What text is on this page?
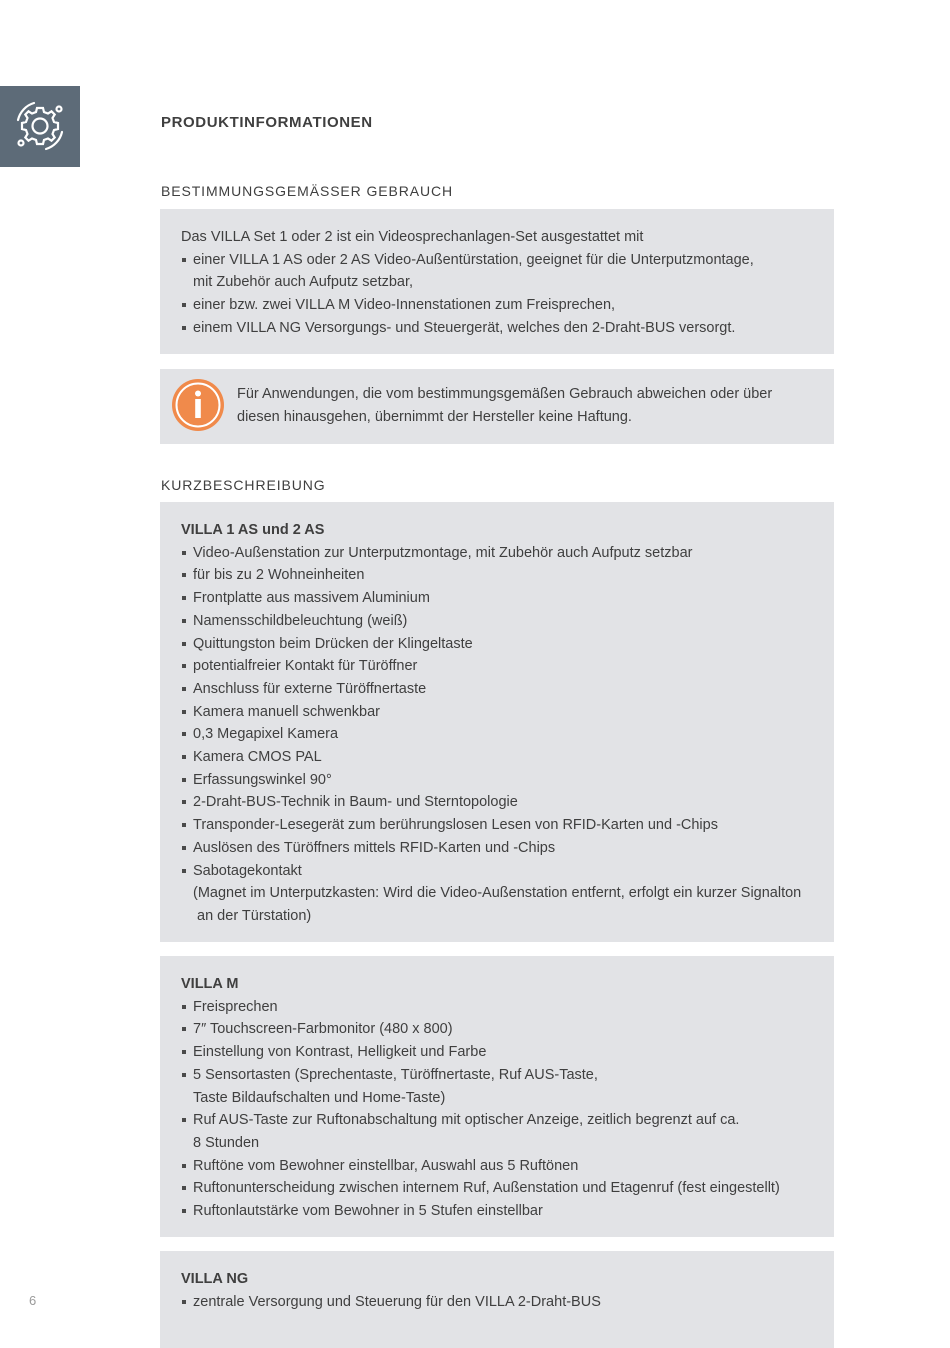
PRODUKTINFORMATIONEN
BESTIMMUNGSGEMÄSSER GEBRAUCH

Das VILLA Set 1 oder 2 ist ein Videosprechanlagen-Set ausgestattet mit

einer VILLA 1 AS oder 2 AS Video-Außentürstation, geeignet für die Unterputzmontage,
mit Zubehör auch Aufputz setzbar,
einer bzw. zwei VILLA M Video-Innenstationen zum Freisprechen,
einem VILLA NG Versorgungs- und Steuergerät, welches den 2-Draht-BUS versorgt.

Für Anwendungen, die vom bestimmungsgemäßen Gebrauch abweichen oder über
diesen hinausgehen, übernimmt der Hersteller keine Haftung.

KURZBESCHREIBUNG
VILLA 1 AS und 2 AS
Video-Außenstation zur Unterputzmontage, mit Zubehör auch Aufputz setzbar
für bis zu 2 Wohneinheiten
Frontplatte aus massivem Aluminium
Namensschildbeleuchtung (weiß)
Quittungston beim Drücken der Klingeltaste
potentialfreier Kontakt für Türöffner
Anschluss für externe Türöffnertaste
Kamera manuell schwenkbar
0,3 Megapixel Kamera
Kamera CMOS PAL
Erfassungswinkel 90°
2-Draht-BUS-Technik in Baum- und Sterntopologie
Transponder-Lesegerät zum berührungslosen Lesen von RFID-Karten und -Chips
Auslösen des Türöffners mittels RFID-Karten und -Chips
Sabotagekontakt
(Magnet im Unterputzkasten: Wird die Video-Außenstation entfernt, erfolgt ein kurzer Signalton
an der Türstation)
VILLA M
Freisprechen
7″ Touchscreen-Farbmonitor (480 x 800)
Einstellung von Kontrast, Helligkeit und Farbe
5 Sensortasten (Sprechentaste, Türöffnertaste, Ruf AUS-Taste,
Taste Bildaufschalten und Home-Taste)
Ruf AUS-Taste zur Ruftonabschaltung mit optischer Anzeige, zeitlich begrenzt auf ca.
8 Stunden
Ruftöne vom Bewohner einstellbar, Auswahl aus 5 Ruftönen
Ruftonunterscheidung zwischen internem Ruf, Außenstation und Etagenruf (fest eingestellt)
Ruftonlautstärke vom Bewohner in 5 Stufen einstellbar
VILLA NG
zentrale Versorgung und Steuerung für den VILLA 2-Draht-BUS
6
